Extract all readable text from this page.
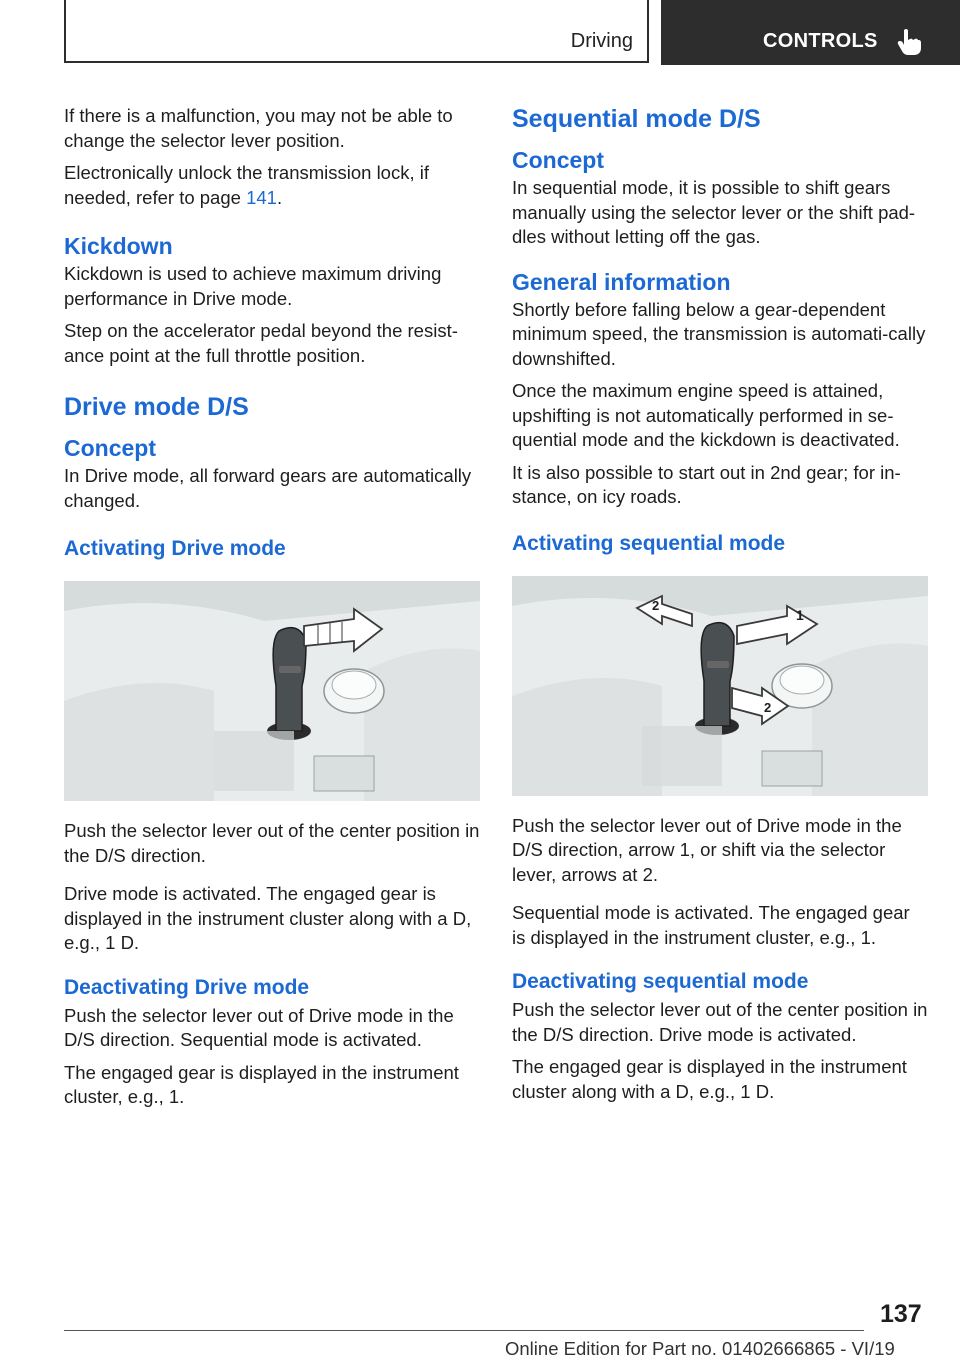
Driving	CONTROLS

If there is a malfunction, you may not be able to change the selector lever position.

Electronically unlock the transmission lock, if needed, refer to page 141.

Kickdown

Kickdown is used to achieve maximum driving performance in Drive mode.

Step on the accelerator pedal beyond the resist-ance point at the full throttle position.

Drive mode D/S
Concept

In Drive mode, all forward gears are automatically changed.

Activating Drive mode

Push the selector lever out of the center position in the D/S direction.

Drive mode is activated. The engaged gear is displayed in the instrument cluster along with a D, e.g., 1 D.

Deactivating Drive mode

Push the selector lever out of Drive mode in the D/S direction. Sequential mode is activated.

The engaged gear is displayed in the instrument cluster, e.g., 1.

Sequential mode D/S
Concept

In sequential mode, it is possible to shift gears manually using the selector lever or the shift pad-dles without letting off the gas.

General information

Shortly before falling below a gear-dependent minimum speed, the transmission is automati-cally downshifted.

Once the maximum engine speed is attained, upshifting is not automatically performed in se-quential mode and the kickdown is deactivated.

It is also possible to start out in 2nd gear; for in-stance, on icy roads.

Activating sequential mode
1
2
2

Push the selector lever out of Drive mode in the D/S direction, arrow 1, or shift via the selector lever, arrows at 2.

Sequential mode is activated. The engaged gear is displayed in the instrument cluster, e.g., 1.

Deactivating sequential mode

Push the selector lever out of the center position in the D/S direction. Drive mode is activated.

The engaged gear is displayed in the instrument cluster along with a D, e.g., 1 D.

137
Online Edition for Part no. 01402666865 - VI/19
